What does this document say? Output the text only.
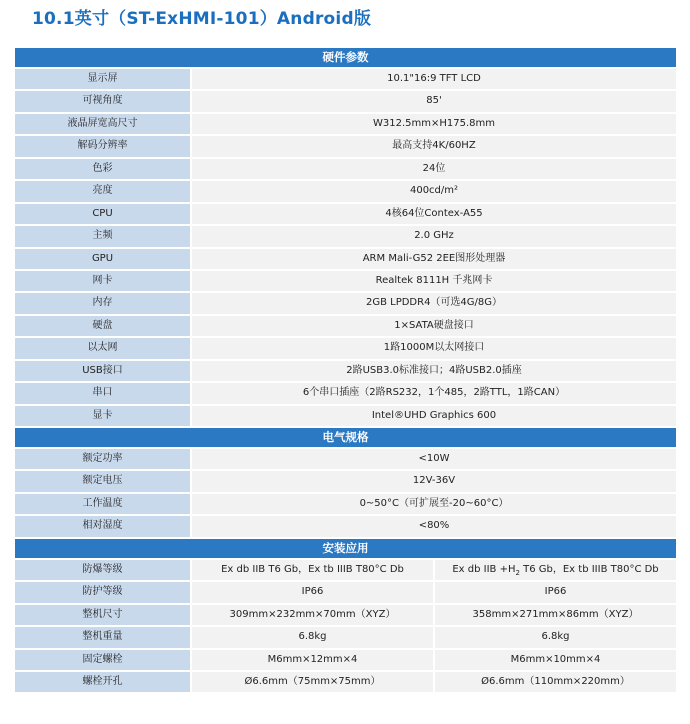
10.1英寸（ST-ExHMI-101）Android版
硬件参数
显示屏	10.1"16:9 TFT LCD
可视角度	85'
液晶屏宽高尺寸	W312.5mm×H175.8mm
解码分辨率	最高支持4K/60HZ
色彩	24位
亮度	400cd/m²
CPU	4核64位Contex-A55
主频	2.0 GHz
GPU	ARM Mali-G52 2EE图形处理器
网卡	Realtek 8111H 千兆网卡
内存	2GB LPDDR4（可选4G/8G）
硬盘	1×SATA硬盘接口
以太网	1路1000M以太网接口
USB接口	2路USB3.0标准接口；4路USB2.0插座
串口	6个串口插座（2路RS232，1个485，2路TTL，1路CAN）
显卡	Intel®UHD Graphics 600
电气规格
额定功率	<10W
额定电压	12V-36V
工作温度	0~50°C（可扩展至-20~60°C）
相对湿度	<80%
安装应用
防爆等级	Ex db IIB T6 Gb，Ex tb IIIB T80°C Db	Ex db IIB $+H_2$ T6 Gb，Ex tb IIIB T80°C Db
防护等级	IP66	IP66
整机尺寸	309mm×232mm×70mm（XYZ）	358mm×271mm×86mm（XYZ）
整机重量	6.8kg	6.8kg
固定螺栓	M6mm×12mm×4	M6mm×10mm×4
螺栓开孔	Ø6.6mm（75mm×75mm）	Ø6.6mm（110mm×220mm）
